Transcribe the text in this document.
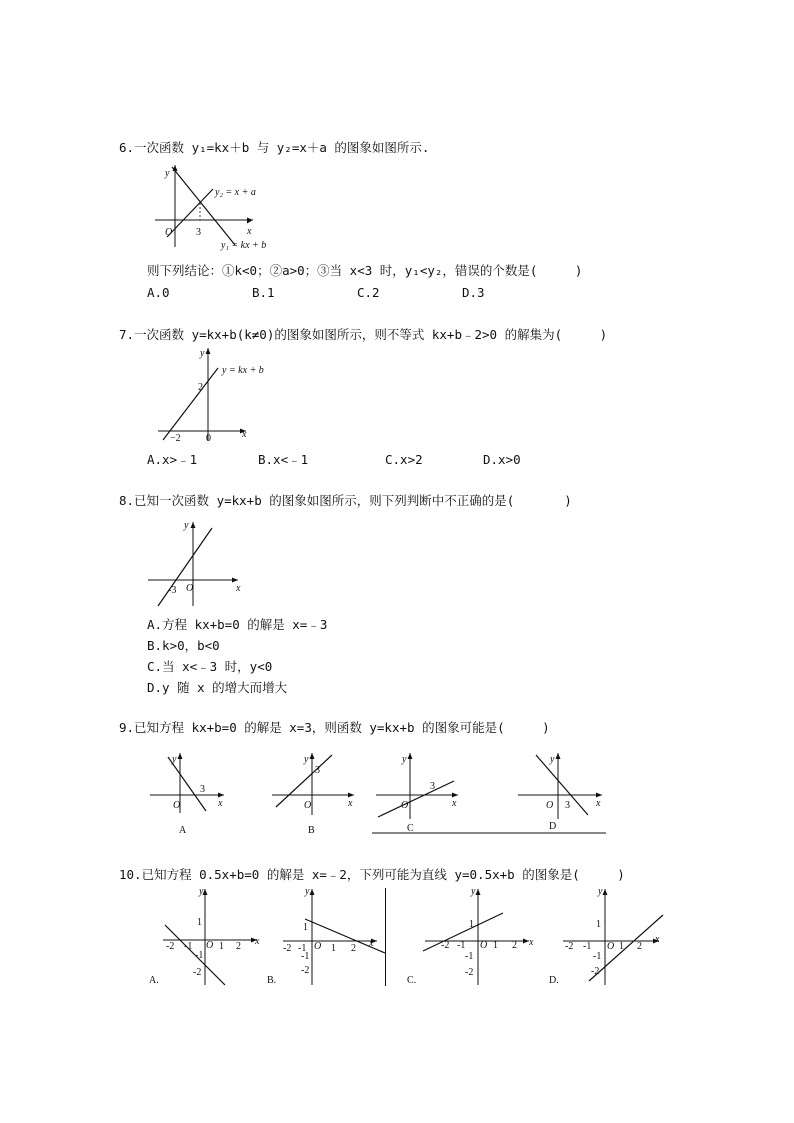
6.一次函数 y₁=kx＋b 与 y₂=x＋a 的图象如图所示.
y
x
O 3
y₂ = x + a
y₁ = kx + b
则下列结论：①k<0；②a>0；③当 x<3 时，y₁<y₂，错误的个数是(　　　)
A.0	B.1	C.2	D.3
7.一次函数 y=kx+b(k≠0)的图象如图所示，则不等式 kx+b﹣2>0 的解集为(　　　)
y
x
2
−2	0
y = kx + b
A.x>﹣1	B.x<﹣1	C.x>2	D.x>0
8.已知一次函数 y=kx+b 的图象如图所示，则下列判断中不正确的是(　　　　)
y
x
-3 O
A.方程 kx+b=0 的解是 x=﹣3
B.k>0，b<0
C.当 x<﹣3 时，y<0
D.y 随 x 的增大而增大
9.已知方程 kx+b=0 的解是 x=3，则函数 y=kx+b 的图象可能是(　　　)
y
x
O
3
A
y
x
O
3
B
y
x
O
3
C
y
x
O 3
D
10.已知方程 0.5x+b=0 的解是 x=﹣2，下列可能为直线 y=0.5x+b 的图象是(　　　)
y
x
O
-2 -1	1 2
1
-1
-2
A.
y
x
O
-2 -1 1 2
1
-1
-2
B.
y
x
O
-2 -1	1 2
1
-1
-2
C.
y
x
O
-2 -1	1 2
1
-1
-2
D.
